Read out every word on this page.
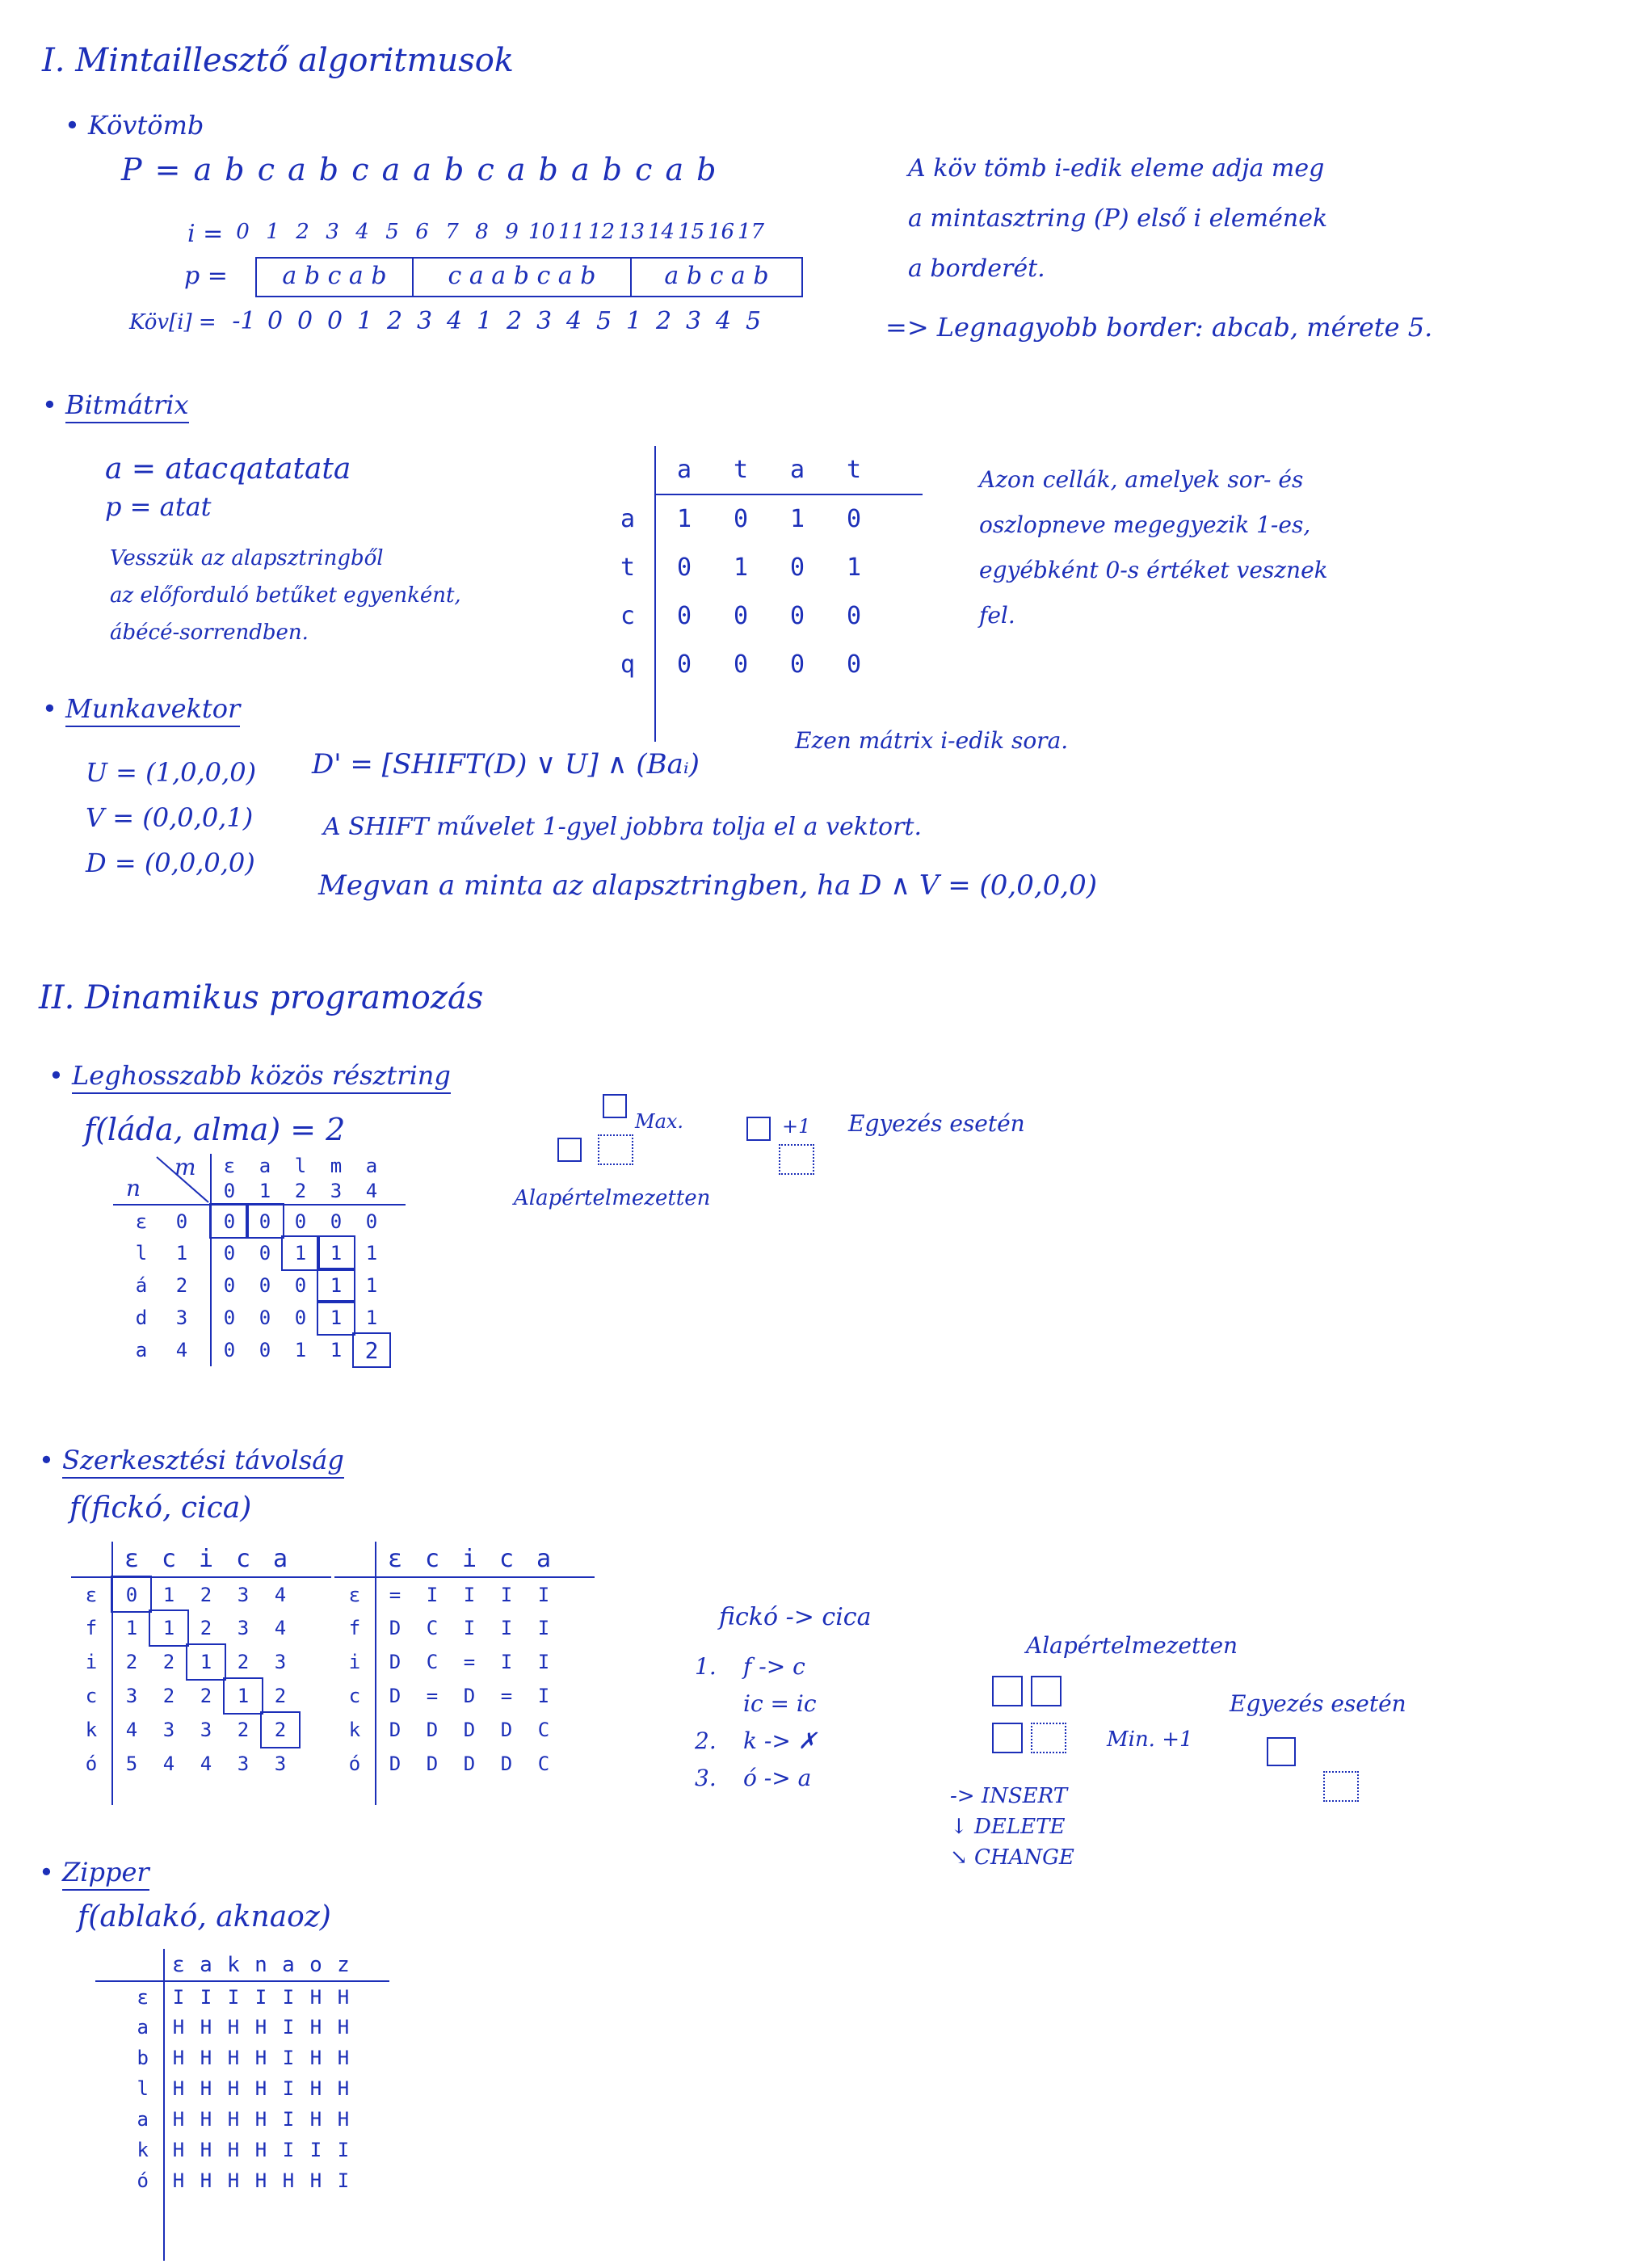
I. Mintaillesztő algoritmusok
• Kövtömb
P = a b c a b c a a b c a b a b c a b
i = 0 1 2 3 4 5 6 7 8 9 10 11 12 13 14 15 16 17
p =	a b c a b	c a a b c a b	a b c a b
Köv[i] = -1 0 0 0 1 2 3 4 1 2 3 4 5 1 2 3 4 5
A köv tömb i-edik eleme adja meg
a mintasztring (P) első i elemének
a borderét.
=> Legnagyobb border: abcab, mérete 5.
• Bitmátrix
a = atacqatatata
p = atat
Vesszük az alapsztringből
az előforduló betűket egyenként,
ábécé-sorrendben.
	a	t	a	t	
a	1	0	1	0	
t	0	1	0	1	
c	0	0	0	0	
q	0	0	0	0	

Azon cellák, amelyek sor- és
oszlopneve megegyezik 1-es,
egyébként 0-s értéket vesznek
fel.
• Munkavektor
U = (1,0,0,0)
V = (0,0,0,1)
D = (0,0,0,0)
D' = [SHIFT(D) ∨ U] ∧ (Baᵢ)
Ezen mátrix i-edik sora.
A SHIFT művelet 1-gyel jobbra tolja el a vektort.
Megvan a minta az alapsztringben, ha D ∧ V = (0,0,0,0)
II. Dinamikus programozás
• Leghosszabb közös résztring
f(láda, alma) = 2
m
n	ε	a	l	m	a	
	0	1	2	3	4	
ε 0	0	0	0	0	0	
l 1	0	0	1	1	1	
á 2	0	0	0	1	1	
d 3	0	0	0	1	1	
a 4	0	0	1	1	2	
Max.
Alapértelmezetten
+1 Egyezés esetén
• Szerkesztési távolság
f(fickó, cica)
	ε	c	i	c	a	
ε	0	1	2	3	4	
f	1	1	2	3	4	
i	2	2	1	2	3	
c	3	2	2	1	2	
k	4	3	3	2	2	
ó	5	4	4	3	3	

	ε	c	i	c	a	
ε	=	I	I	I	I	
f	D	C	I	I	I	
i	D	C	=	I	I	
c	D	=	D	=	I	
k	D	D	D	D	C	
ó	D	D	D	D	C	

fickó -> cica
1. f -> c
ic = ic
2. k -> ✗
3. ó -> a
Alapértelmezetten
Min. +1
Egyezés esetén
-> INSERT
↓ DELETE
↘ CHANGE
• Zipper
f(ablakó, aknaoz)
	ε	a	k	n	a	o	z	
ε	I	I	I	I	I	H	H	
a	H	H	H	H	I	H	H	
b	H	H	H	H	I	H	H	
l	H	H	H	H	I	H	H	
a	H	H	H	H	I	H	H	
k	H	H	H	H	I	I	I	
ó	H	H	H	H	H	H	I	
